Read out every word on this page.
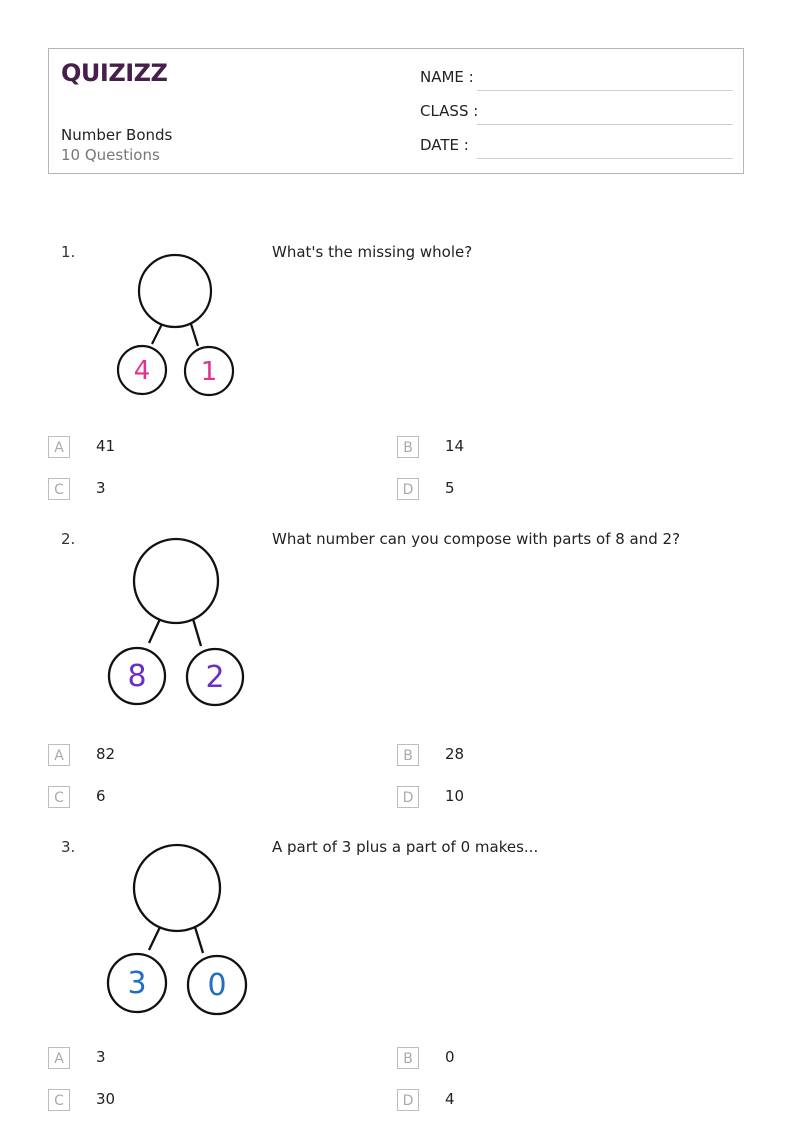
QUIZIZZ
Number Bonds
10 Questions
NAME :
CLASS :
DATE :
1.	What's the missing whole?
4 1
A	41	B	14
C	3	D	5
2.	What number can you compose with parts of 8 and 2?
8 2
A	82	B	28
C	6	D	10
3.	A part of 3 plus a part of 0 makes...
3 0
A	3	B	0
C	30	D	4
